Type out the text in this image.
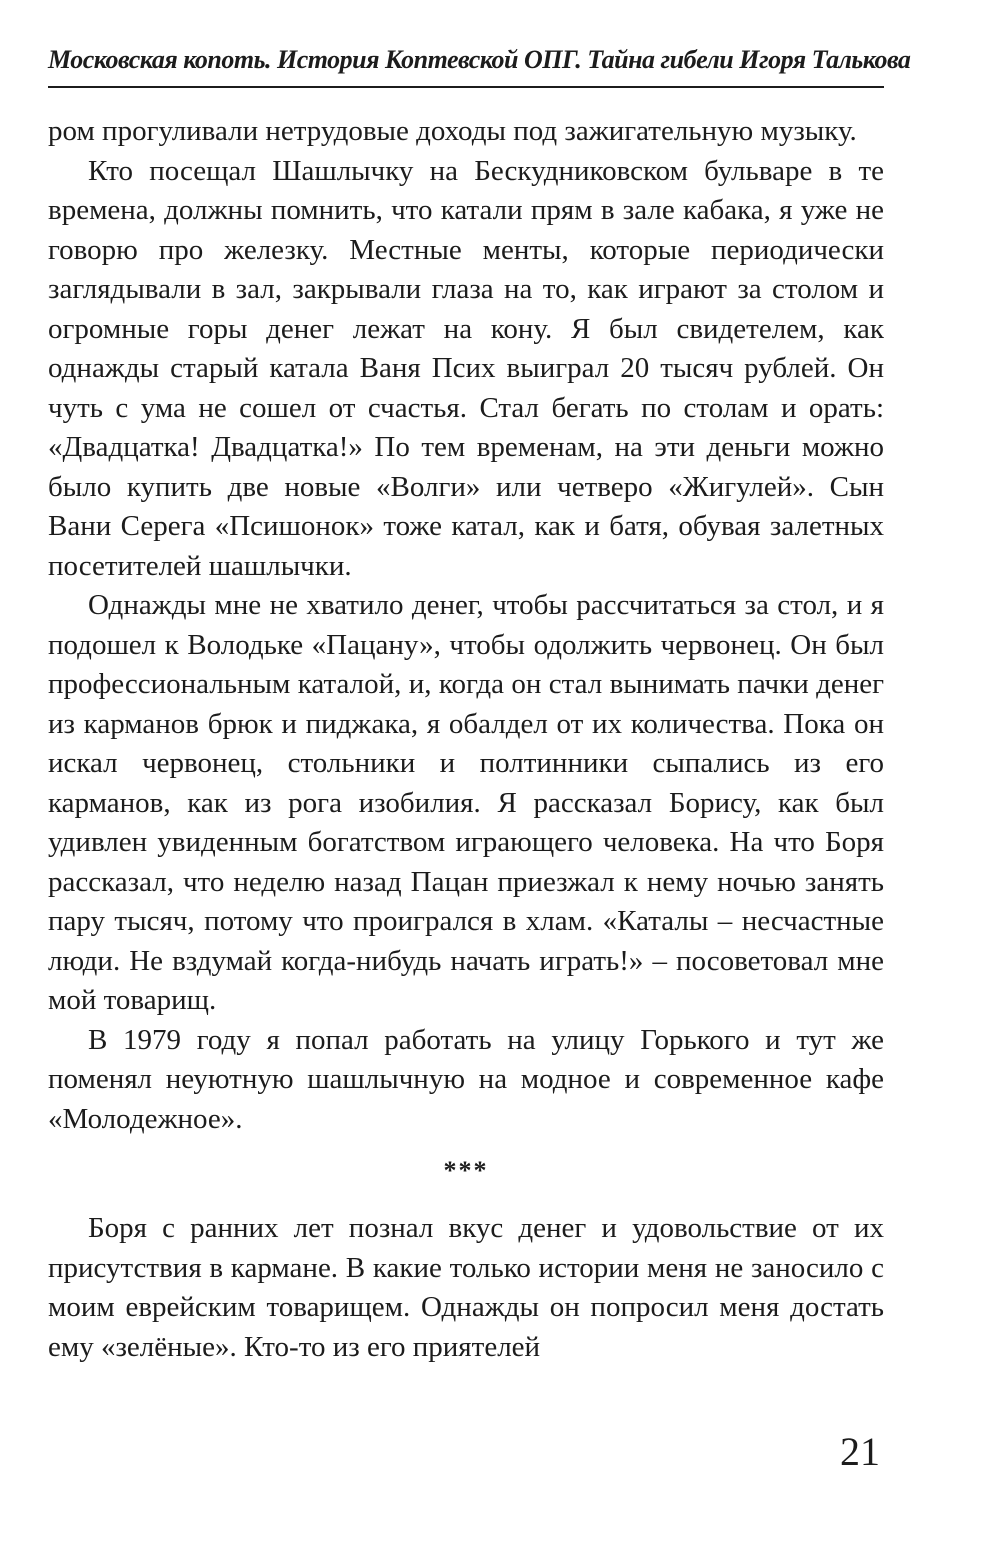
Московская копоть. История Коптевской ОПГ. Тайна гибели Игоря Талькова

ром прогуливали нетрудовые доходы под зажигательную музыку.

Кто посещал Шашлычку на Бескудниковском бульваре в те времена, должны помнить, что катали прям в зале кабака, я уже не говорю про железку. Местные менты, которые периодически заглядывали в зал, закрывали глаза на то, как играют за столом и огромные горы денег лежат на кону. Я был свидетелем, как однажды старый катала Ваня Псих выиграл 20 тысяч рублей. Он чуть с ума не сошел от счастья. Стал бегать по столам и орать: «Двадцатка! Двадцатка!» По тем временам, на эти деньги можно было купить две новые «Волги» или четверо «Жигулей». Сын Вани Серега «Псишонок» тоже катал, как и батя, обувая залетных посетителей шашлычки.

Однажды мне не хватило денег, чтобы рассчитаться за стол, и я подошел к Володьке «Пацану», чтобы одолжить червонец. Он был профессиональным каталой, и, когда он стал вынимать пачки денег из карманов брюк и пиджака, я обалдел от их количества. Пока он искал червонец, стольники и полтинники сыпались из его карманов, как из рога изобилия. Я рассказал Борису, как был удивлен увиденным богатством играющего человека. На что Боря рассказал, что неделю назад Пацан приезжал к нему ночью занять пару тысяч, потому что проигрался в хлам. «Каталы – несчастные люди. Не вздумай когда-нибудь начать играть!» – посоветовал мне мой товарищ.

В 1979 году я попал работать на улицу Горького и тут же поменял неуютную шашлычную на модное и современное кафе «Молодежное».

***

Боря с ранних лет познал вкус денег и удовольствие от их присутствия в кармане. В какие только истории меня не заносило с моим еврейским товарищем. Однажды он попросил меня достать ему «зелёные». Кто-то из его приятелей

21
